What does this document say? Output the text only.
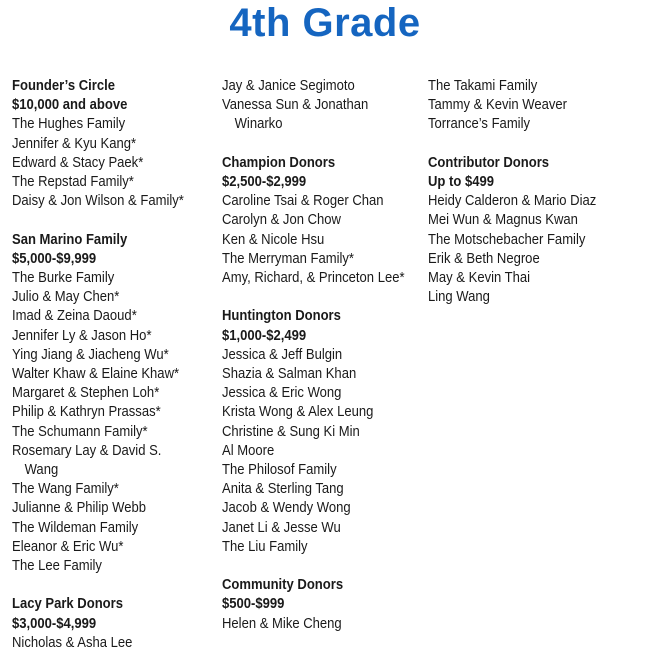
4th Grade
Founder’s Circle
$10,000 and above
The Hughes Family
Jennifer & Kyu Kang*
Edward & Stacy Paek*
The Repstad Family*
Daisy & Jon Wilson & Family*
San Marino Family
$5,000-$9,999
The Burke Family
Julio & May Chen*
Imad & Zeina Daoud*
Jennifer Ly & Jason Ho*
Ying Jiang & Jiacheng Wu*
Walter Khaw & Elaine Khaw*
Margaret & Stephen Loh*
Philip & Kathryn Prassas*
The Schumann Family*
Rosemary Lay & David S. Wang
The Wang Family*
Julianne & Philip Webb
The Wildeman Family
Eleanor & Eric Wu*
The Lee Family
Lacy Park Donors
$3,000-$4,999
Nicholas & Asha Lee
Jay & Janice Segimoto
Vanessa Sun & Jonathan Winarko
Champion Donors
$2,500-$2,999
Caroline Tsai & Roger Chan
Carolyn & Jon Chow
Ken & Nicole Hsu
The Merryman Family*
Amy, Richard, & Princeton Lee*
Huntington Donors
$1,000-$2,499
Jessica & Jeff Bulgin
Shazia & Salman Khan
Jessica & Eric Wong
Krista Wong & Alex Leung
Christine & Sung Ki Min
Al Moore
The Philosof Family
Anita & Sterling Tang
Jacob & Wendy Wong
Janet Li & Jesse Wu
The Liu Family
Community Donors
$500-$999
Helen & Mike Cheng
The Takami Family
Tammy & Kevin Weaver
Torrance’s Family
Contributor Donors
Up to $499
Heidy Calderon & Mario Diaz
Mei Wun & Magnus Kwan
The Motschebacher Family
Erik & Beth Negroe
May & Kevin Thai
Ling Wang
